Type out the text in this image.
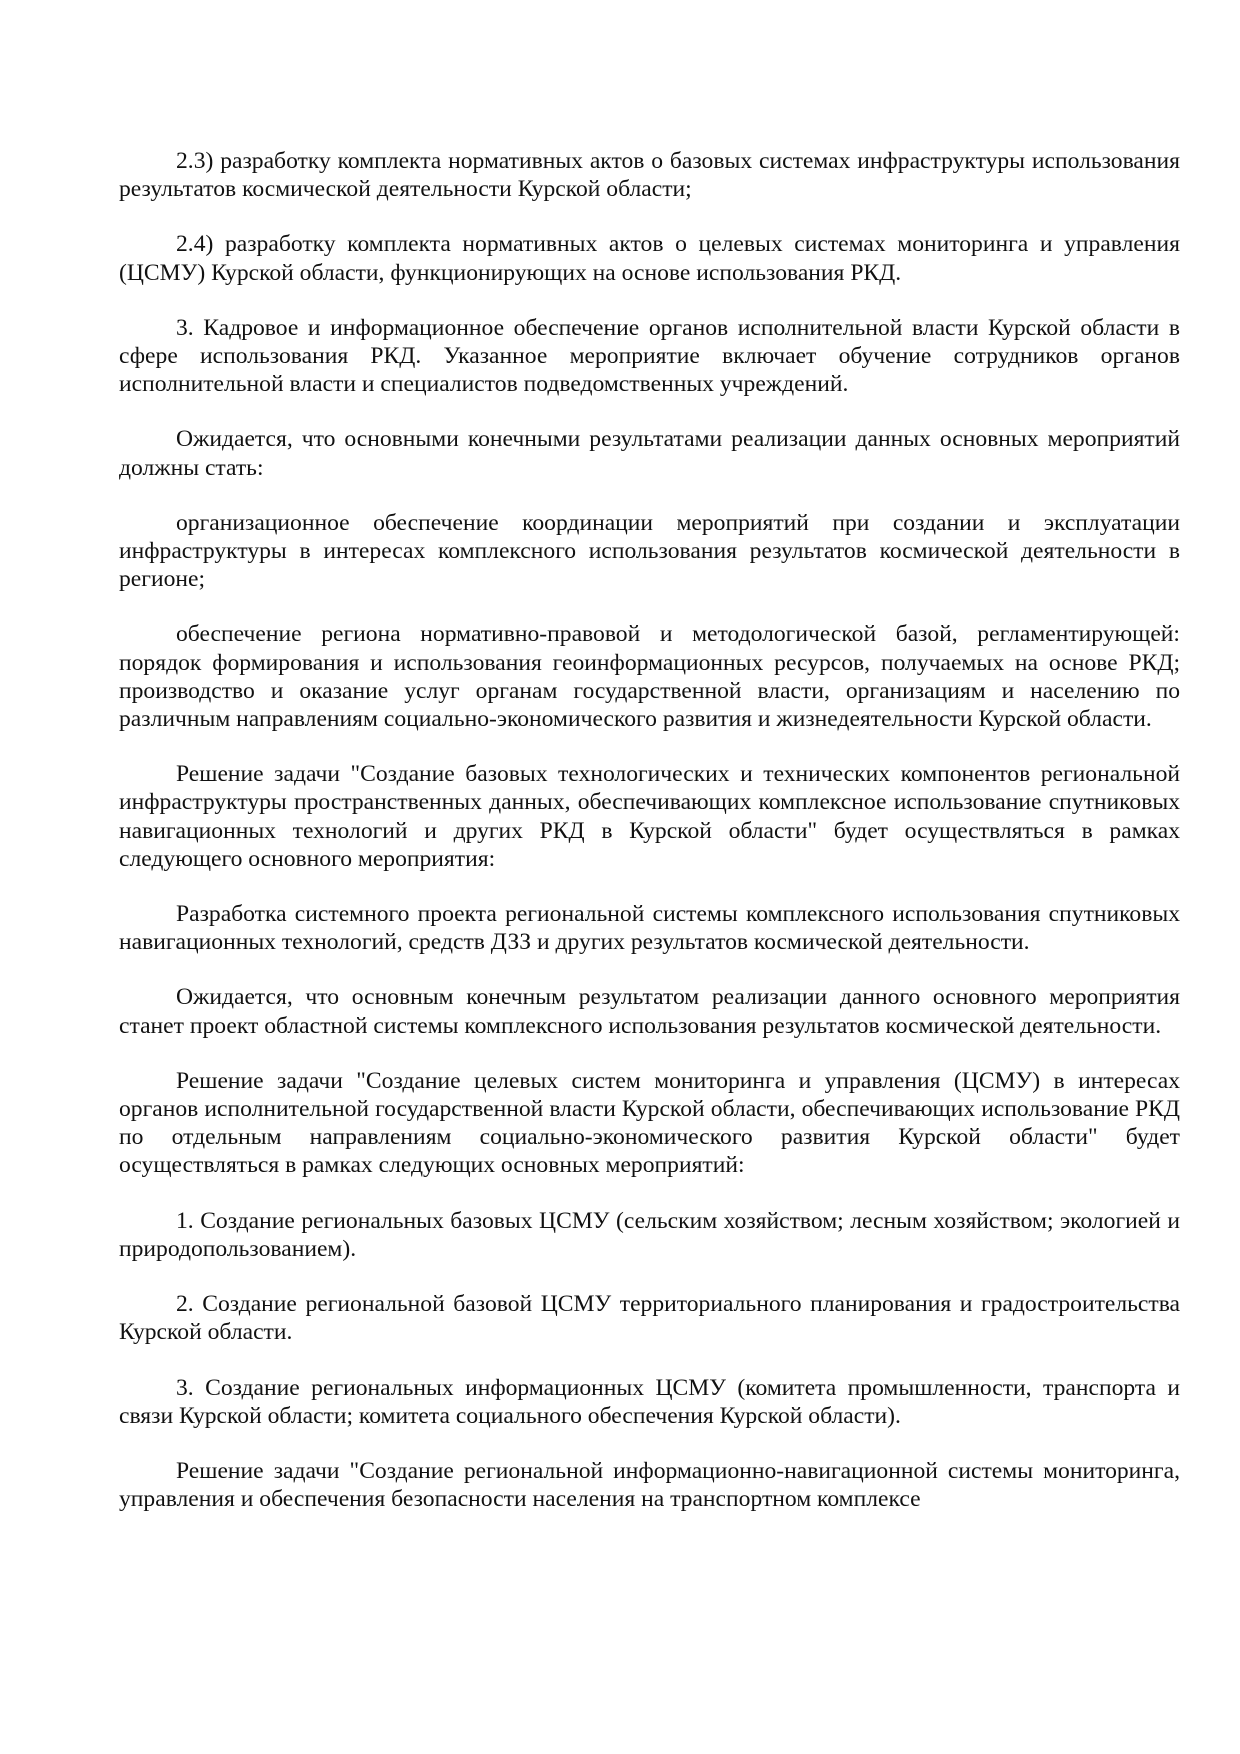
2.3) разработку комплекта нормативных актов о базовых системах инфраструктуры использования результатов космической деятельности Курской области;

2.4) разработку комплекта нормативных актов о целевых системах мониторинга и управления (ЦСМУ) Курской области, функционирующих на основе использования РКД.

3. Кадровое и информационное обеспечение органов исполнительной власти Курской области в сфере использования РКД. Указанное мероприятие включает обучение сотрудников органов исполнительной власти и специалистов подведомственных учреждений.

Ожидается, что основными конечными результатами реализации данных основных мероприятий должны стать:

организационное обеспечение координации мероприятий при создании и эксплуатации инфраструктуры в интересах комплексного использования результатов космической деятельности в регионе;

обеспечение региона нормативно-правовой и методологической базой, регламентирующей: порядок формирования и использования геоинформационных ресурсов, получаемых на основе РКД; производство и оказание услуг органам государственной власти, организациям и населению по различным направлениям социально-экономического развития и жизнедеятельности Курской области.

Решение задачи "Создание базовых технологических и технических компонентов региональной инфраструктуры пространственных данных, обеспечивающих комплексное использование спутниковых навигационных технологий и других РКД в Курской области" будет осуществляться в рамках следующего основного мероприятия:

Разработка системного проекта региональной системы комплексного использования спутниковых навигационных технологий, средств ДЗЗ и других результатов космической деятельности.

Ожидается, что основным конечным результатом реализации данного основного мероприятия станет проект областной системы комплексного использования результатов космической деятельности.

Решение задачи "Создание целевых систем мониторинга и управления (ЦСМУ) в интересах органов исполнительной государственной власти Курской области, обеспечивающих использование РКД по отдельным направлениям социально-экономического развития Курской области" будет осуществляться в рамках следующих основных мероприятий:

1. Создание региональных базовых ЦСМУ (сельским хозяйством; лесным хозяйством; экологией и природопользованием).

2. Создание региональной базовой ЦСМУ территориального планирования и градостроительства Курской области.

3. Создание региональных информационных ЦСМУ (комитета промышленности, транспорта и связи Курской области; комитета социального обеспечения Курской области).

Решение задачи "Создание региональной информационно-навигационной системы мониторинга, управления и обеспечения безопасности населения на транспортном комплексе
